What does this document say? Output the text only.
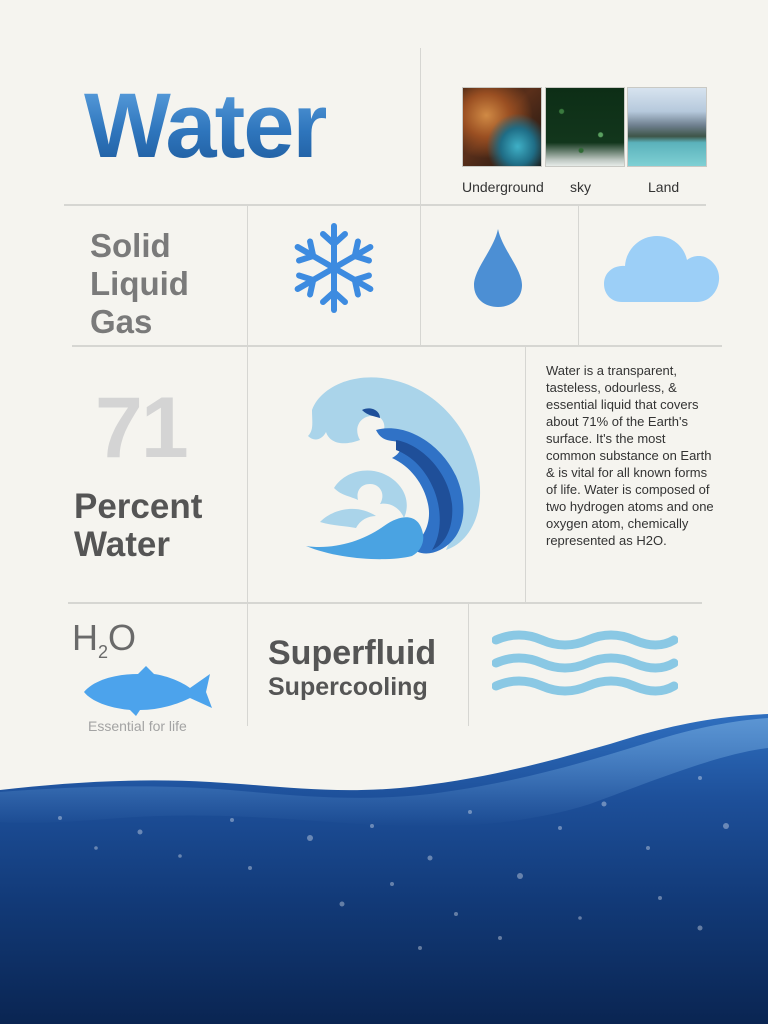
Water
Underground sky	Land
Solid
Liquid
Gas
71
Percent
Water
Water is a transparent, tasteless, odourless, & essential liquid that covers about 71% of the Earth's surface. It's the most common substance on Earth & is vital for all known forms of life. Water is composed of two hydrogen atoms and one oxygen atom, chemically represented as H2O.
$H_2O$
Essential for life
Superfluid
Supercooling
